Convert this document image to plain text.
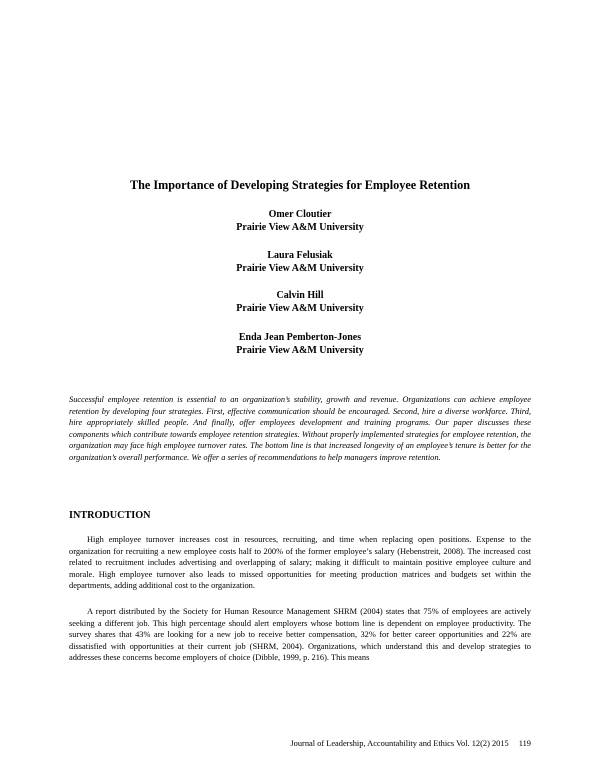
The Importance of Developing Strategies for Employee Retention
Omer Cloutier
Prairie View A&M University
Laura Felusiak
Prairie View A&M University
Calvin Hill
Prairie View A&M University
Enda Jean Pemberton-Jones
Prairie View A&M University

Successful employee retention is essential to an organization’s stability, growth and revenue. Organizations can achieve employee retention by developing four strategies. First, effective communication should be encouraged. Second, hire a diverse workforce. Third, hire appropriately skilled people. And finally, offer employees development and training programs. Our paper discusses these components which contribute towards employee retention strategies. Without properly implemented strategies for employee retention, the organization may face high employee turnover rates. The bottom line is that increased longevity of an employee’s tenure is better for the organization’s overall performance. We offer a series of recommendations to help managers improve retention.

INTRODUCTION

High employee turnover increases cost in resources, recruiting, and time when replacing open positions. Expense to the organization for recruiting a new employee costs half to 200% of the former employee’s salary (Hebenstreit, 2008). The increased cost related to recruitment includes advertising and overlapping of salary; making it difficult to maintain positive employee culture and morale. High employee turnover also leads to missed opportunities for meeting production matrices and budgets set within the departments, adding additional cost to the organization.

A report distributed by the Society for Human Resource Management SHRM (2004) states that 75% of employees are actively seeking a different job. This high percentage should alert employers whose bottom line is dependent on employee productivity. The survey shares that 43% are looking for a new job to receive better compensation, 32% for better career opportunities and 22% are dissatisfied with opportunities at their current job (SHRM, 2004). Organizations, which understand this and develop strategies to addresses these concerns become employers of choice (Dibble, 1999, p. 216). This means

Journal of Leadership, Accountability and Ethics Vol. 12(2) 2015 119
